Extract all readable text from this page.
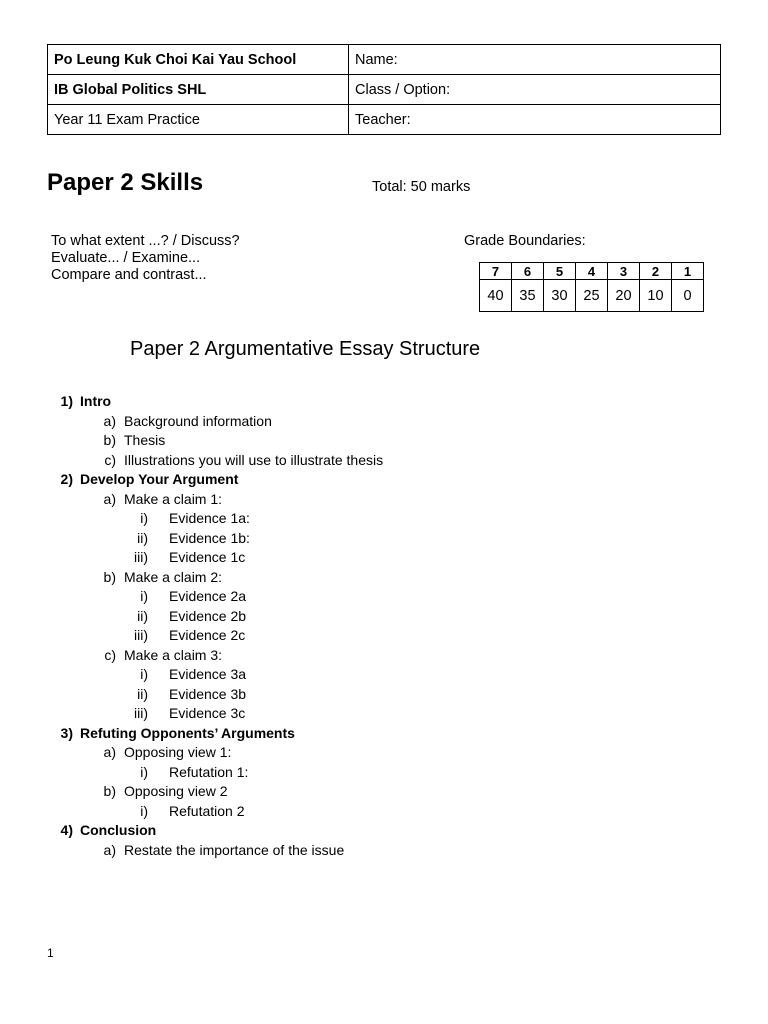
Po Leung Kuk Choi Kai Yau School	Name:
IB Global Politics SHL	Class / Option:
Year 11 Exam Practice	Teacher:
Paper 2 Skills	Total: 50 marks
To what extent ...? / Discuss?
Evaluate... / Examine...
Compare and contrast...
Grade Boundaries:
7	6	5	4	3	2	1
40	35	30	25	20	10	0
Paper 2 Argumentative Essay Structure
1) Intro
a) Background information
b) Thesis
c) Illustrations you will use to illustrate thesis
2) Develop Your Argument
a) Make a claim 1:
i) Evidence 1a:
ii) Evidence 1b:
iii) Evidence 1c
b) Make a claim 2:
i) Evidence 2a
ii) Evidence 2b
iii) Evidence 2c
c) Make a claim 3:
i) Evidence 3a
ii) Evidence 3b
iii) Evidence 3c
3) Refuting Opponents’ Arguments
a) Opposing view 1:
i) Refutation 1:
b) Opposing view 2
i) Refutation 2
4) Conclusion
a) Restate the importance of the issue
1
